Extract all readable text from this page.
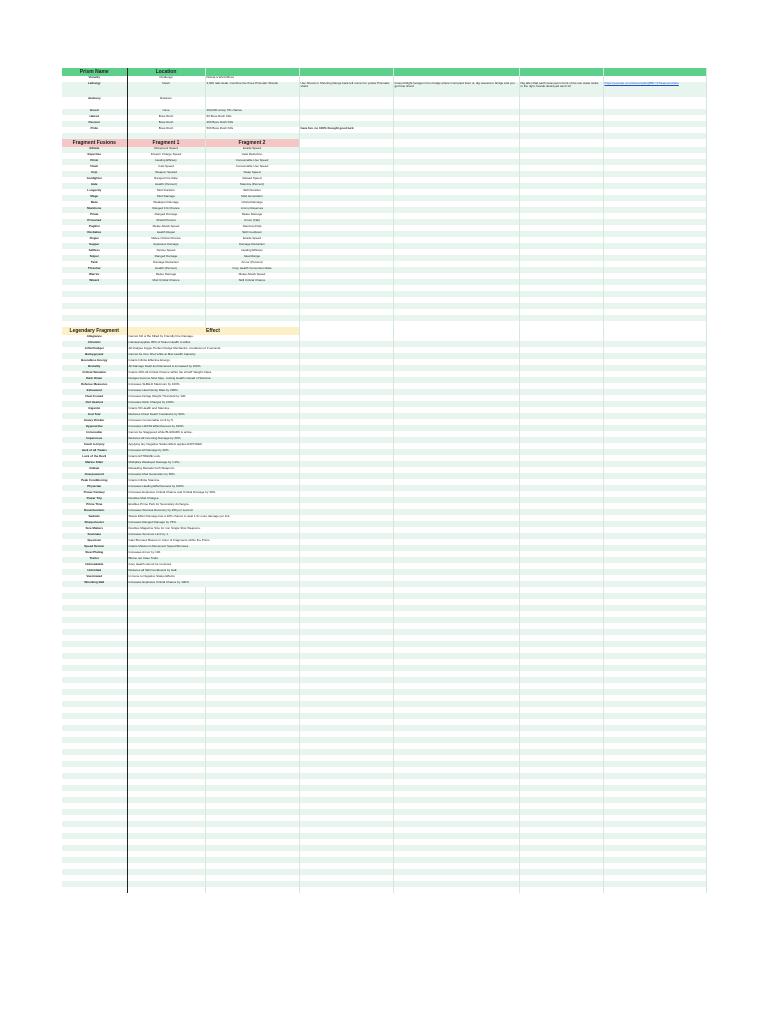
Prism Name	Location					
Voracity	Challenge	Defeat a World Boss				
Lethargy	Dwell	3,000 rads dealt. Combine the three Prismatic Shards	Use Shovel in Shooting Range back left corner for yellow Prismatic shard	Ground Right hexagon from bridge where Corrupted Door is, dig nearest to bridge and you get blue shard	Dig after Rad earth boat pad in front of the two water tanks to the right, beside destroyed sand 13	https://youtube.com/shorts/spZuQB5t-Yk?feature=share
Jealousy	Reliance					
Greed	Cave	200,000 scrap, 5% chance				
Hatred	Boss Rush	50 Boss Rush Kills				
Passion	Boss Rush	200 Boss Rush Kills				
Pride	Boss Rush	500 Boss Rush Kills	have fun, no 100% thought good luck			

Fragment Fusions	Fragment 1	Fragment 2				
Athlete	Movement Speed	Evade Speed				
Expertise	Firearm Charge Speed	Heat Reduction				
Clinic	Healing Efficacy	Consumable Use Speed				
Flash	Cast Speed	Consumable Use Speed				
Grip	Weapon Spread	Swap Speed				
Gunfighter	Ranged Fire Rate	Reload Speed				
Hale	Health (Percent)	Stamina (Percent)				
Longevity	Mod Duration	Skill Duration				
Mage	Mod Damage	Mod Generation				
Meta	Weakspot Damage	Critical Damage				
Munitions	Ranged Crit Chance	Ammo Reserves				
Pirate	Ranged Damage	Melee Damage				
Protected	Shield Percent	Armor (Flat)				
Pugilist	Melee Attack Speed	Stamina (Flat)				
Revitalize	Health Regen	Skill Cooldown				
Rogue	Melee Critical Chance	Evade Speed				
Sapper	Explosive Damage	Damage Reduction				
Selfless	Revive Speed	Healing Efficacy				
Sniper	Ranged Damage	Ideal Range				
Tank	Damage Reduction	Armor (Percent)				
Thrasher	Health (Percent)	Grey Health Conversion Rate				
Warrior	Melee Damage	Melee Attack Speed				
Wizard	Mod Critical Chance	Skill Critical Chance				

Legendary Fragment	Effect					
Allegiance	Cannot Kill or Be Killed by Friendly Fire Damage.					
Altruistic	Lifesteal applies 35% of Stolen Health to Allies.					
Artful Dodger	All Dodges trigger Perfect Dodge Mechanics. Cooldown of 3 seconds.					
Barbygoyant	Cannot be One Shot while at Max Health Capacity.					
Boundless Energy	Grants Infinite Effective Energy.					
Brutality	All Damage Dealt and Received is increased by 100%.					
Critical Situation	Grants 20% All Critical Chance within the LIGHT Weight Class.					
Dark Omen	Dodges become Mod Step, costing Health instead of Stamina.					
Defense Measures	Increases SHIELD Maximum by 100%.					
Exhausted	Increases Heat Decay Rate by 200%.					
Fleet Footed	Increases Dodge Weight Threshold by 100.					
Full Hearted	Increases Relic Charges by 100%.					
Gigantic	Grants 50 Health and Stamina.					
God Tear	Reduces Chest Death Cooldowns by 90%.					
Heavy Drinker	Increases Consumable Limit by 5.					
Hyperactive	Increases HASTE Effectiveness by 100%.					
Immovable	Cannot be Staggered while BULWARK is active.					
Impervious	Reduces All Incoming Damage by 20%.					
Insult to Injury	Applying any Negative Status Effect applies EXPOSED.					
Jack of all Trades	Increases All Damage by 40%.					
Luck of the Devil	Grants EXTREME Luck.					
Marine Killer	Multiplies Weakspot Damage by 1.25x.					
Outlaw	Reloading Reloads both Weapons.					
Overpowered	Increases Mod Generation by 60%.					
Peak Conditioning	Grants Infinite Stamina.					
Physician	Increases Healing Effectiveness by 100%.					
Power Fantasy	Increases Explosive Critical Chance and Critical Damage by 30%.					
Power Trip	Doubles Mod Charges.					
Prime Time	Enables Prime Perk for Secondary Archetype.					
Reverberation	Increases Stamina Recovery by 250 per second.					
Sadistic	Status Effect Damage has a 20% chance to deal 1.5x more damage per tick.					
Sharpshooter	Increases Ranged Damage by 75%.					
Size Matters	Doubles Magazine Size for non Single Shot Weapons.					
Soulmate	Increases Summon Limit by 1.					
Spectrum	Gain Bonuses Based on Color of Fragments within the Prism.					
Speed Demon	Grants Maximum Movement Speed Bonuses.					
Steel Plating	Increases Armor by 100.					
Traitor	Blame out Case Trails.					
Unbreakable	Grey Health cannot be removed.					
Unbridled	Reduces all Skill Cooldowns by Half.					
Vaccinated	Immune to Negative Status Effects.					
Wrecking Ball	Increases Explosive Critical Chance by 100%.					
